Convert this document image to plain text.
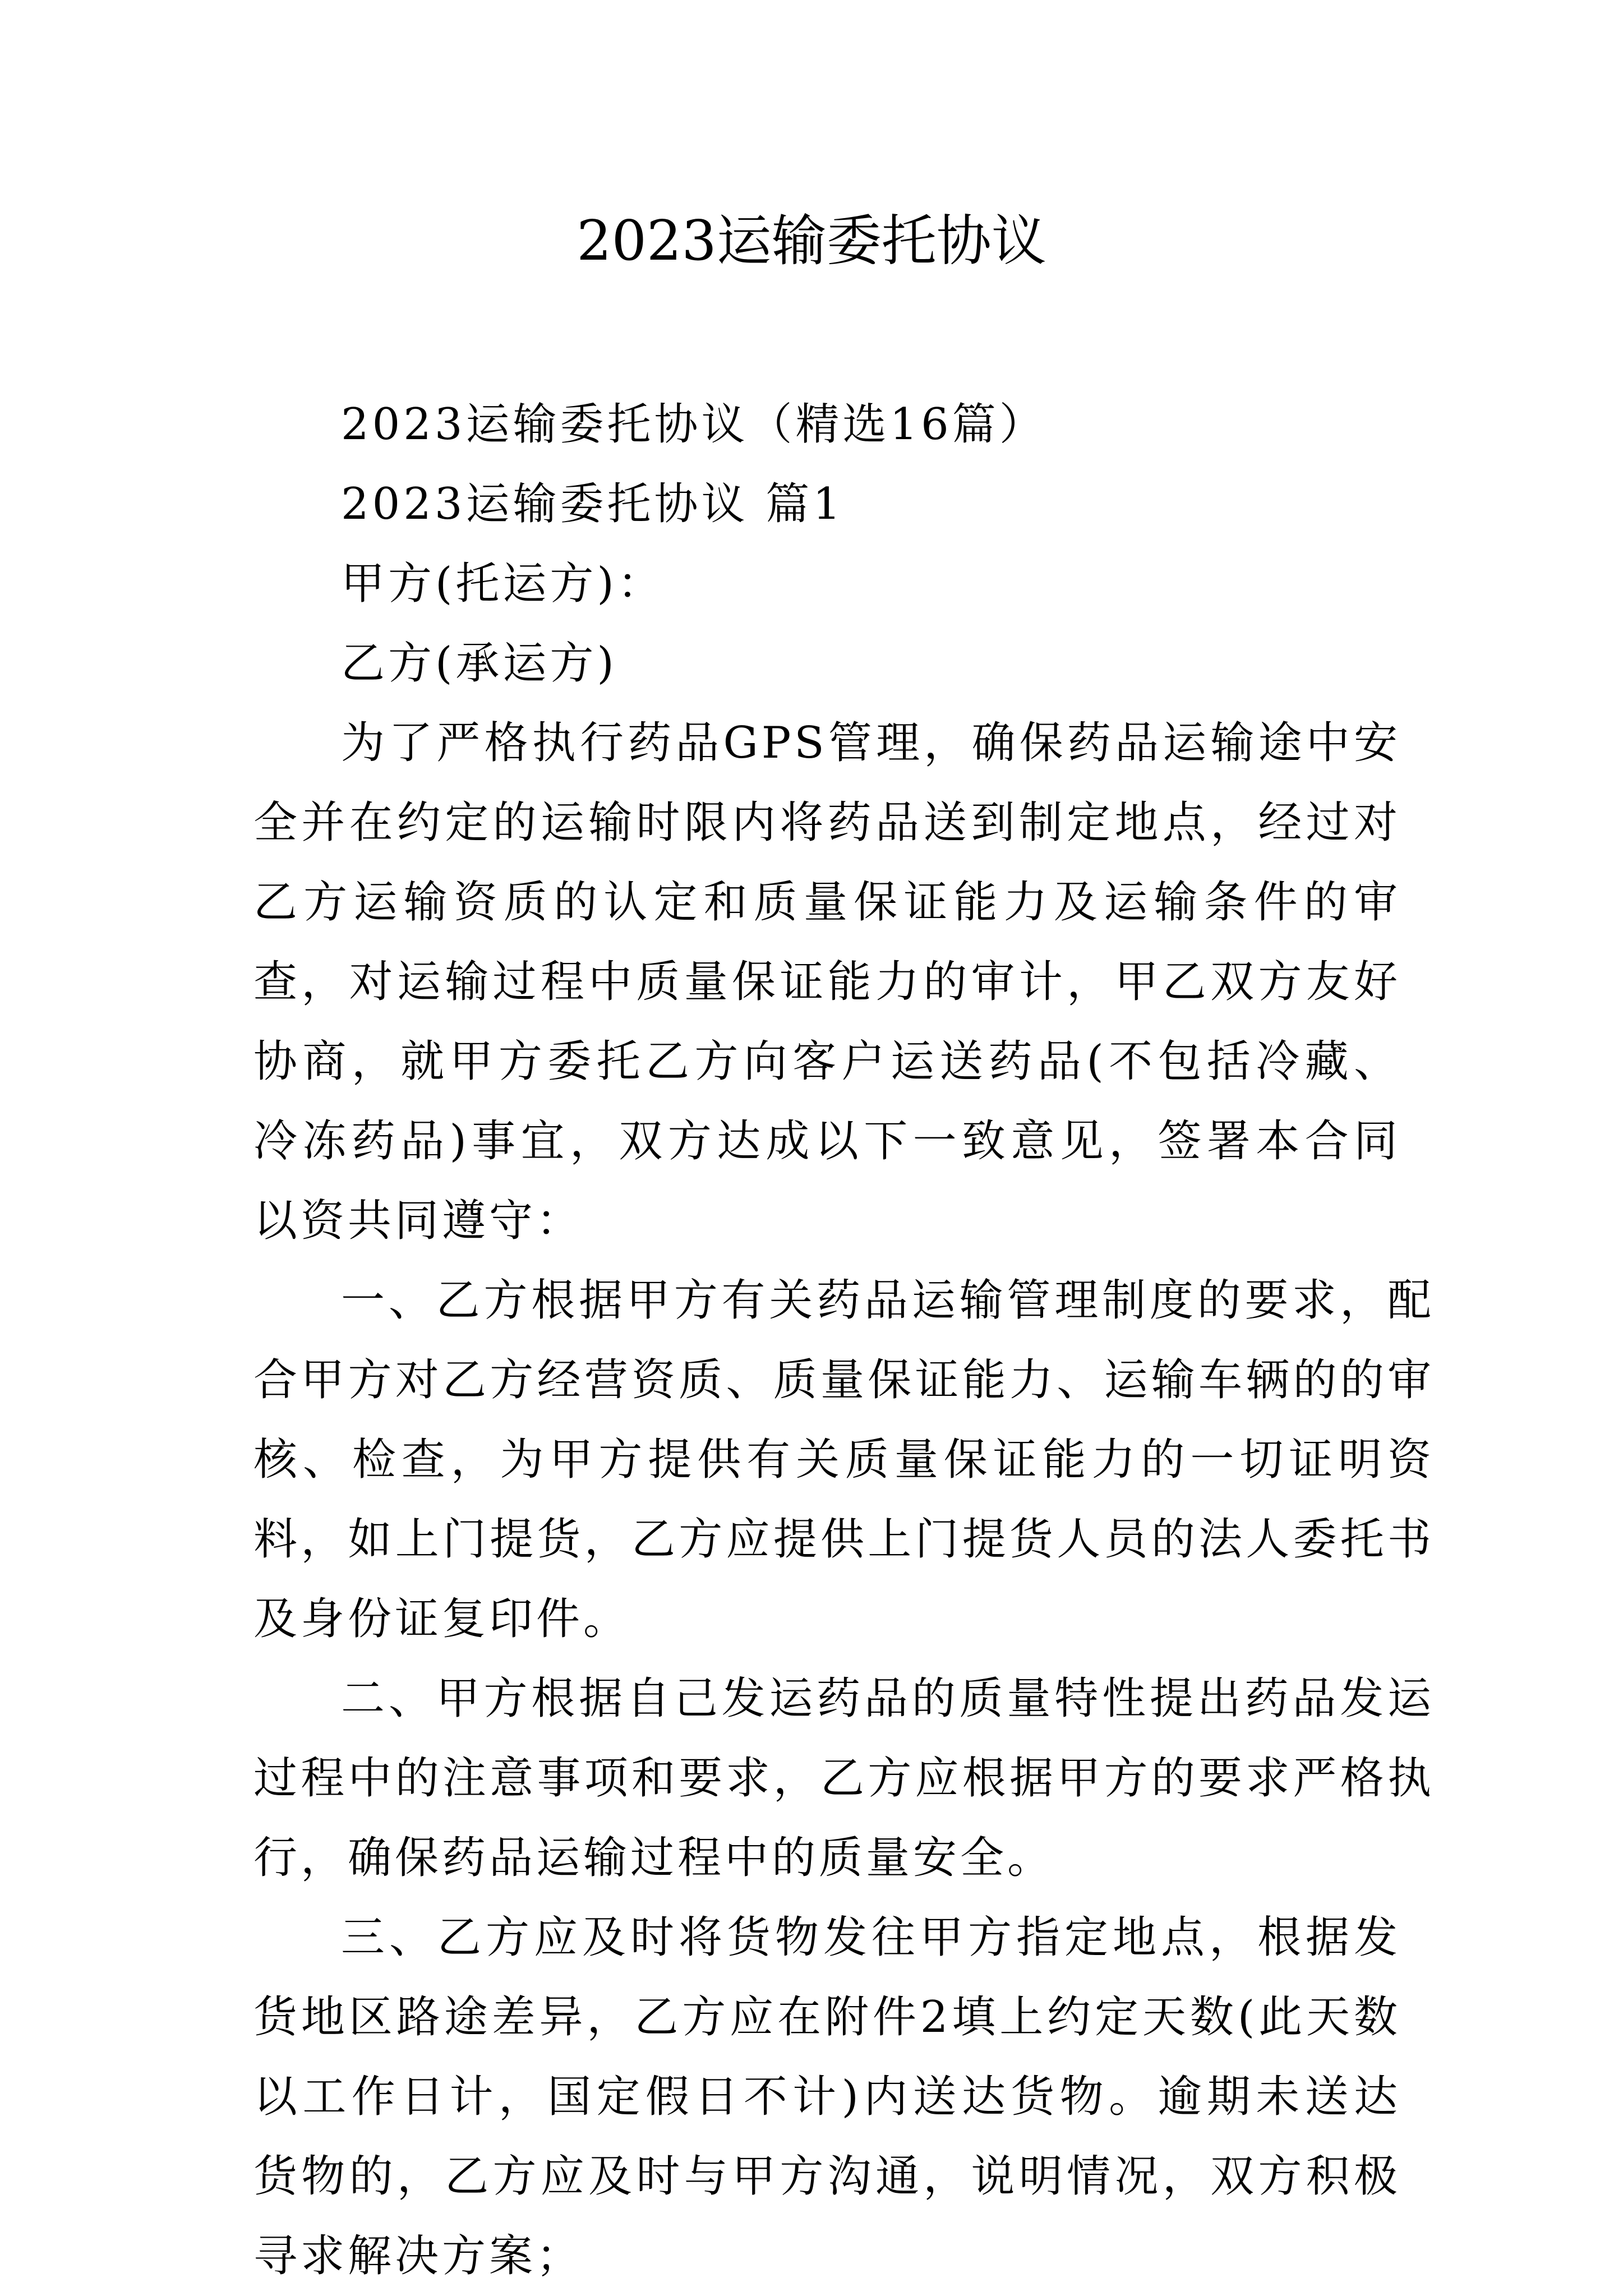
2023运输委托协议

2023运输委托协议（精选16篇）

2023运输委托协议 篇1

甲方(托运方)：

乙方(承运方)

为了严格执行药品GPS管理，确保药品运输途中安全并在约定的运输时限内将药品送到制定地点，经过对乙方运输资质的认定和质量保证能力及运输条件的审查，对运输过程中质量保证能力的审计，甲乙双方友好协商，就甲方委托乙方向客户运送药品(不包括冷藏、冷冻药品)事宜，双方达成以下一致意见，签署本合同以资共同遵守：

一、乙方根据甲方有关药品运输管理制度的要求，配合甲方对乙方经营资质、质量保证能力、运输车辆的的审核、检查，为甲方提供有关质量保证能力的一切证明资料，如上门提货，乙方应提供上门提货人员的法人委托书及身份证复印件。

二、甲方根据自己发运药品的质量特性提出药品发运过程中的注意事项和要求，乙方应根据甲方的要求严格执行，确保药品运输过程中的质量安全。

三、乙方应及时将货物发往甲方指定地点，根据发货地区路途差异，乙方应在附件2填上约定天数(此天数以工作日计，国定假日不计)内送达货物。逾期未送达货物的，乙方应及时与甲方沟通，说明情况，双方积极寻求解决方案；
